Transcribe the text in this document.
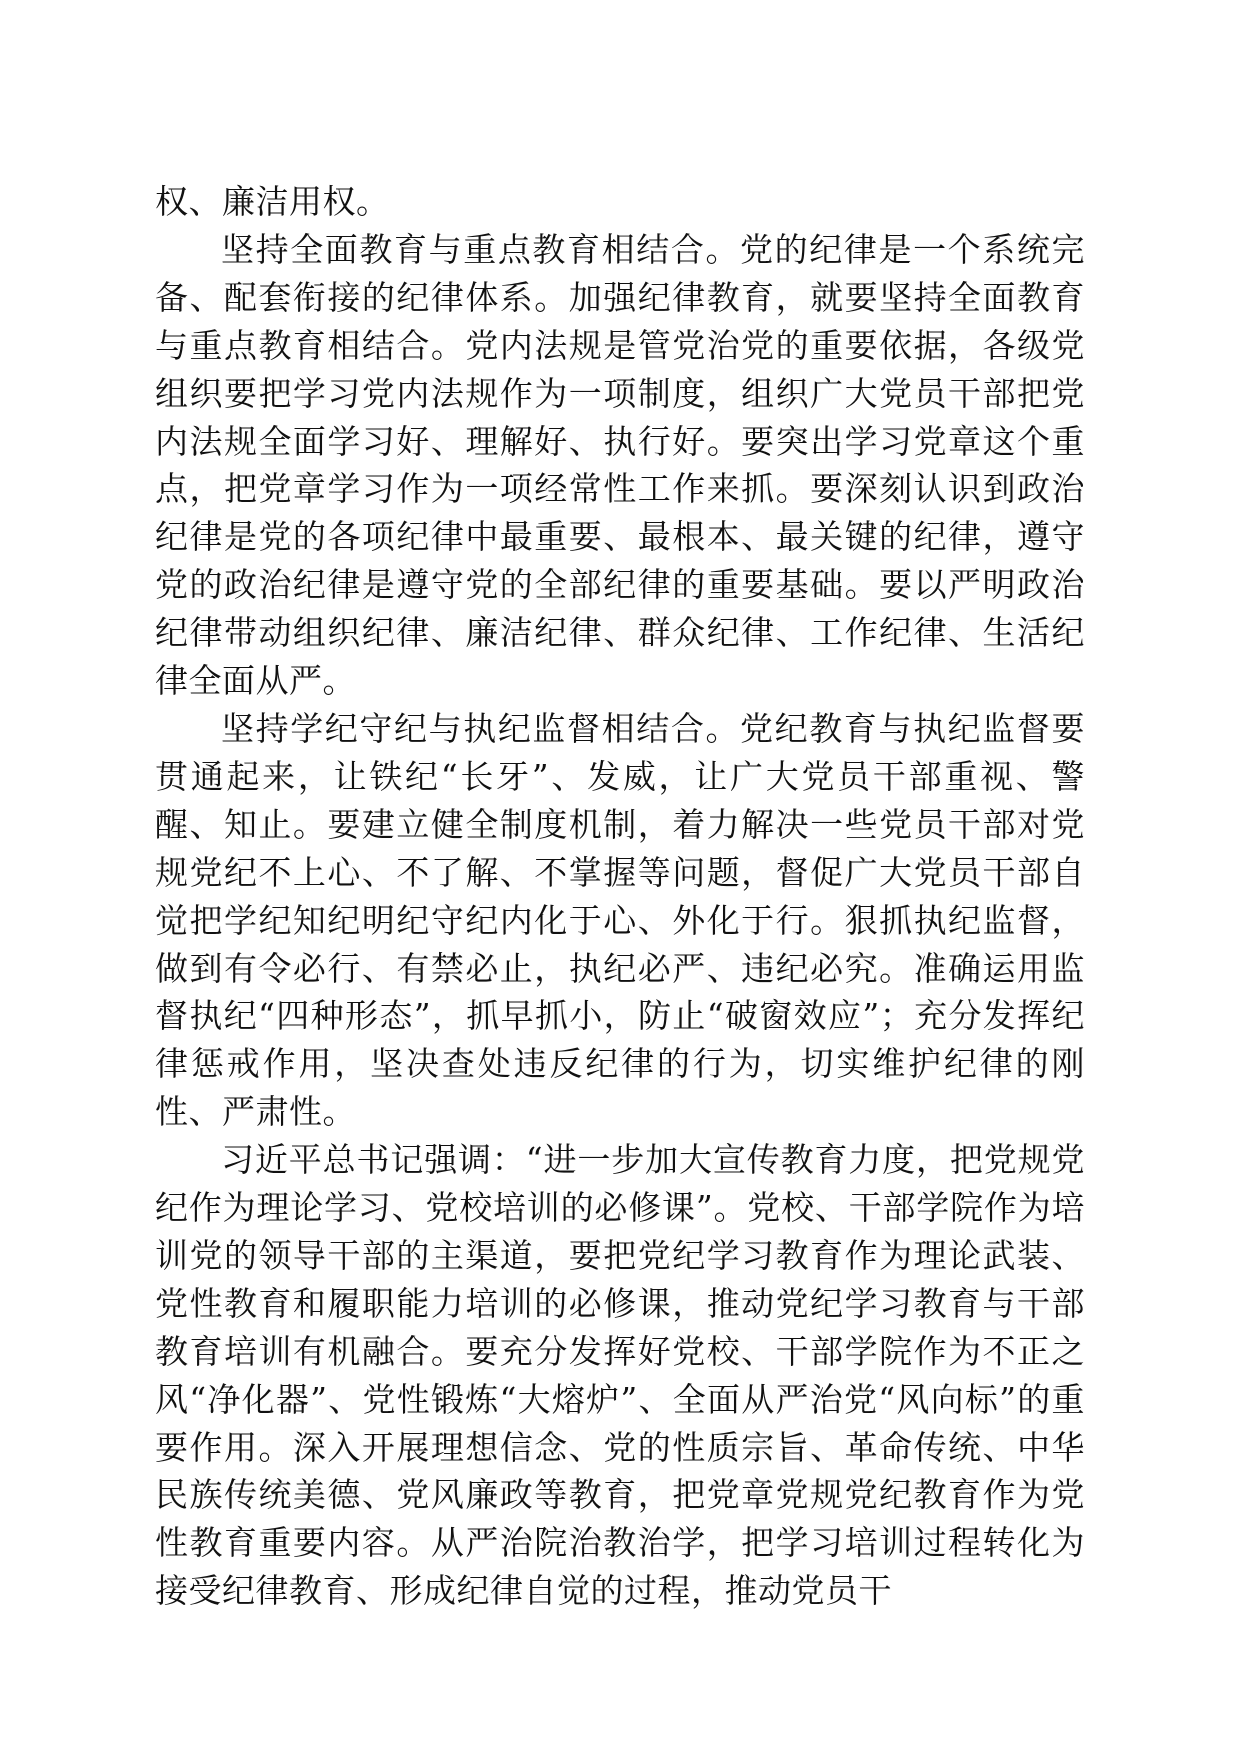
权、廉洁用权。

坚持全面教育与重点教育相结合。党的纪律是一个系统完备、配套衔接的纪律体系。加强纪律教育，就要坚持全面教育与重点教育相结合。党内法规是管党治党的重要依据，各级党组织要把学习党内法规作为一项制度，组织广大党员干部把党内法规全面学习好、理解好、执行好。要突出学习党章这个重点，把党章学习作为一项经常性工作来抓。要深刻认识到政治纪律是党的各项纪律中最重要、最根本、最关键的纪律，遵守党的政治纪律是遵守党的全部纪律的重要基础。要以严明政治纪律带动组织纪律、廉洁纪律、群众纪律、工作纪律、生活纪律全面从严。

坚持学纪守纪与执纪监督相结合。党纪教育与执纪监督要贯通起来，让铁纪“长牙”、发威，让广大党员干部重视、警醒、知止。要建立健全制度机制，着力解决一些党员干部对党规党纪不上心、不了解、不掌握等问题，督促广大党员干部自觉把学纪知纪明纪守纪内化于心、外化于行。狠抓执纪监督，做到有令必行、有禁必止，执纪必严、违纪必究。准确运用监督执纪“四种形态”，抓早抓小，防止“破窗效应”；充分发挥纪律惩戒作用，坚决查处违反纪律的行为，切实维护纪律的刚性、严肃性。

习近平总书记强调：“进一步加大宣传教育力度，把党规党纪作为理论学习、党校培训的必修课”。党校、干部学院作为培训党的领导干部的主渠道，要把党纪学习教育作为理论武装、党性教育和履职能力培训的必修课，推动党纪学习教育与干部教育培训有机融合。要充分发挥好党校、干部学院作为不正之风“净化器”、党性锻炼“大熔炉”、全面从严治党“风向标”的重要作用。深入开展理想信念、党的性质宗旨、革命传统、中华民族传统美德、党风廉政等教育，把党章党规党纪教育作为党性教育重要内容。从严治院治教治学，把学习培训过程转化为接受纪律教育、形成纪律自觉的过程，推动党员干
